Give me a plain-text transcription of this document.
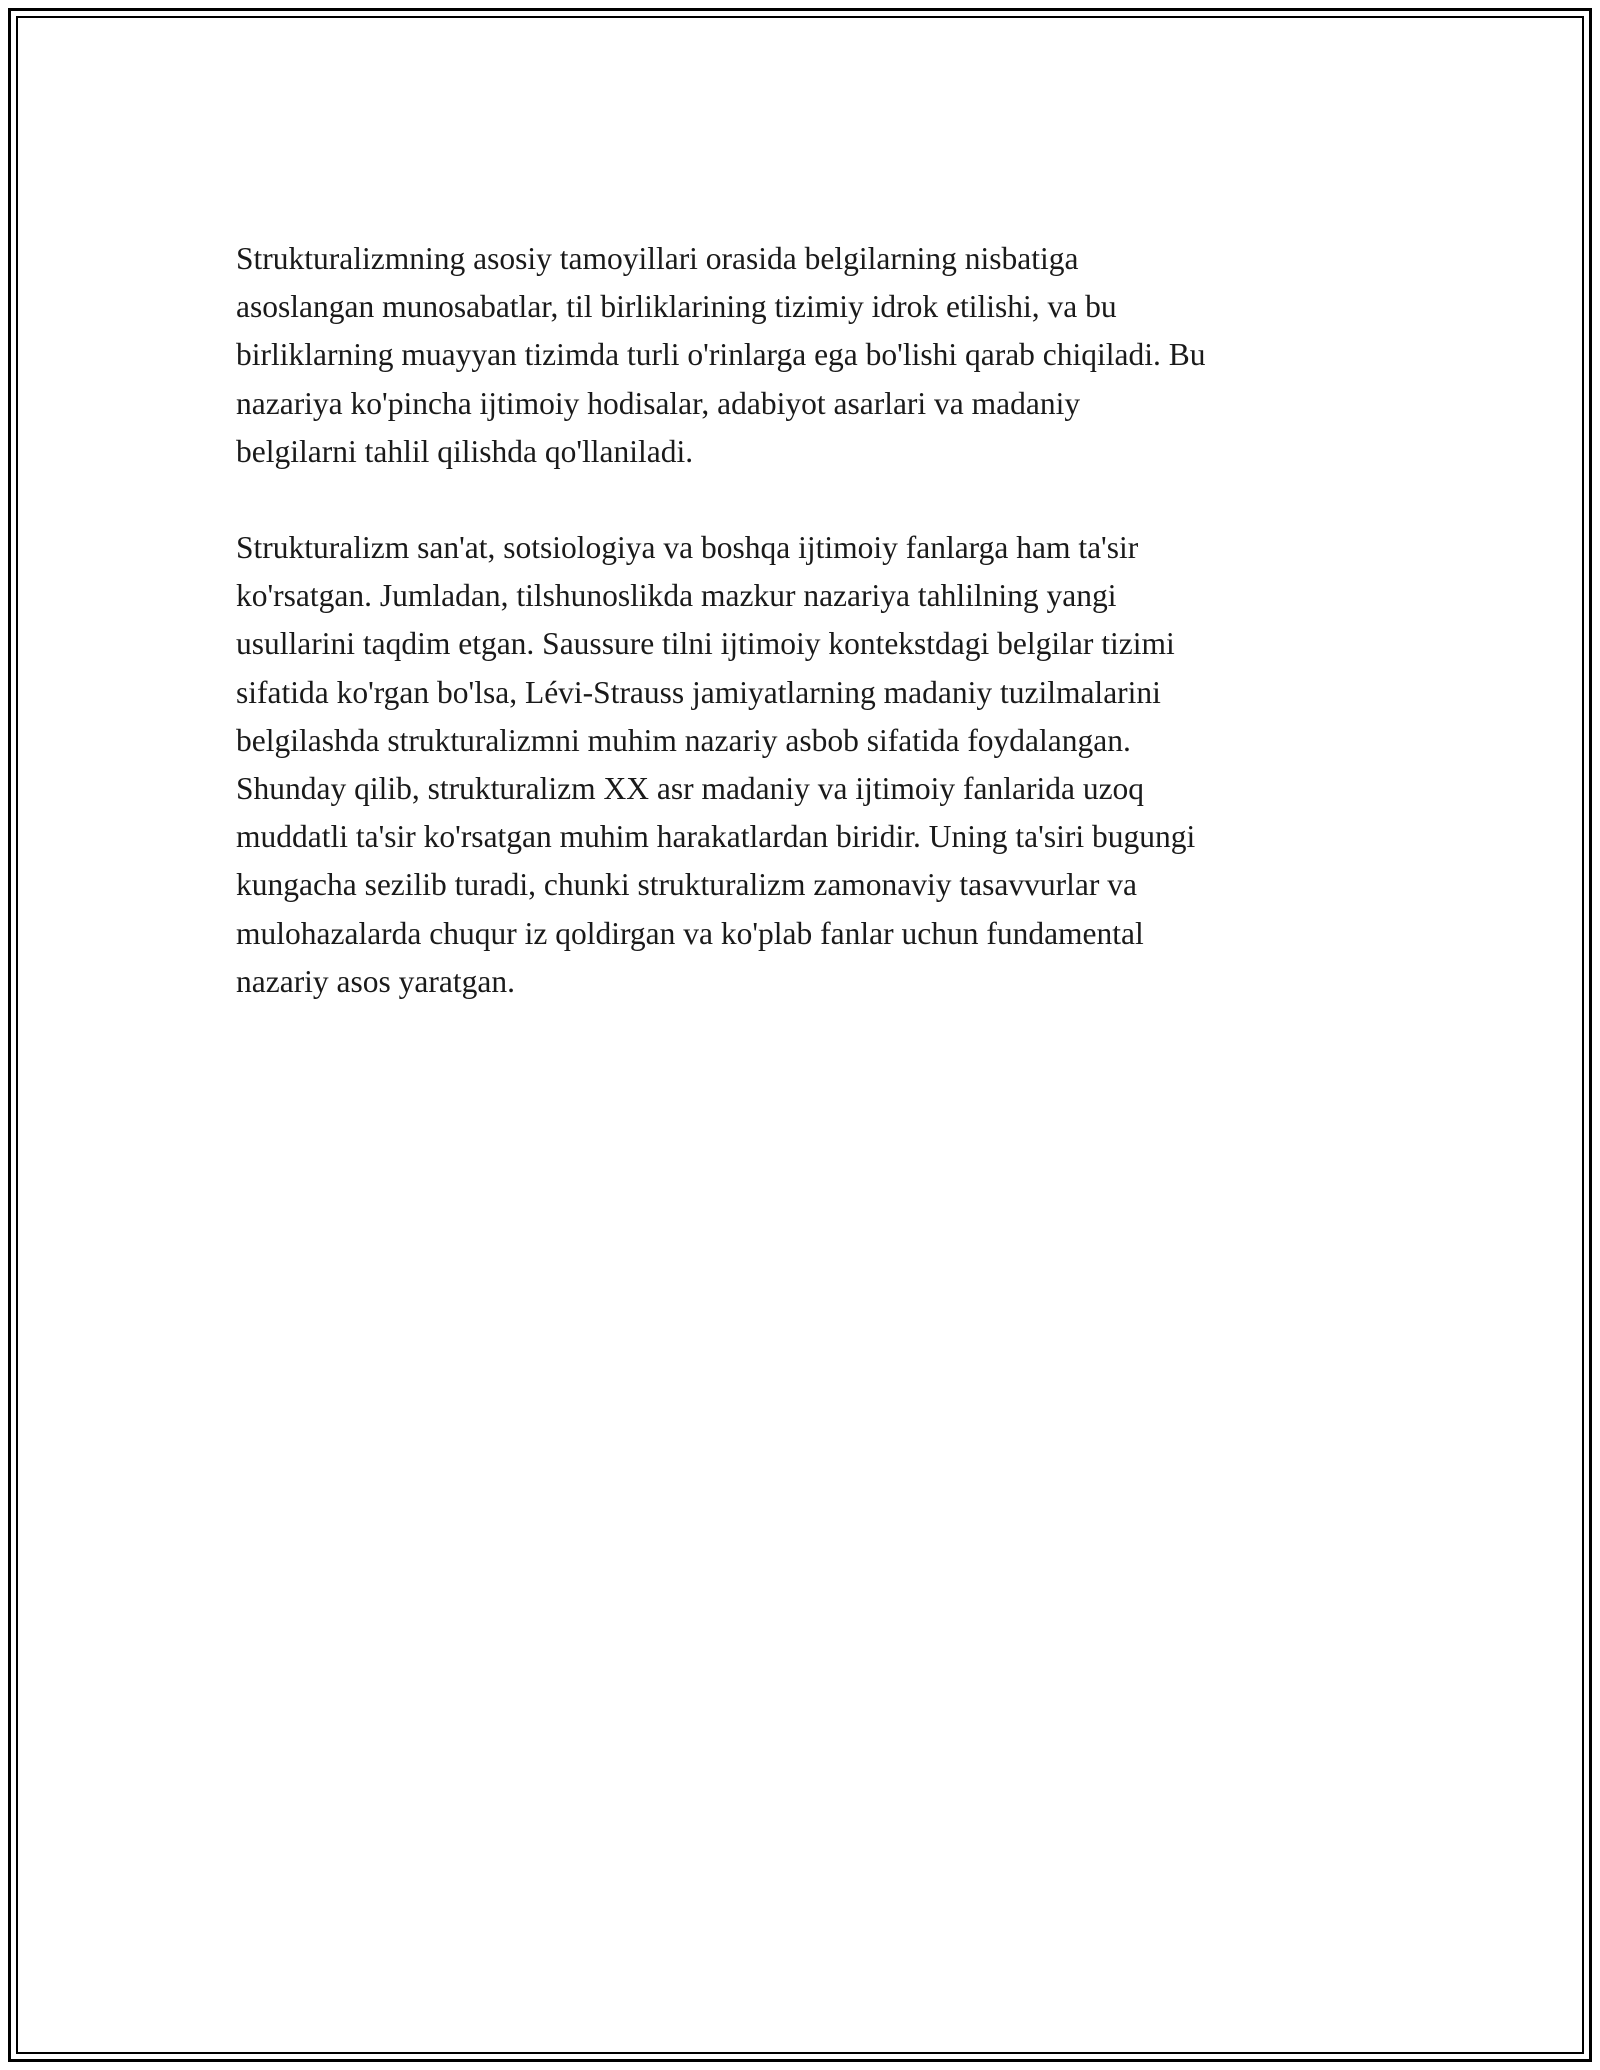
Strukturalizmning asosiy tamoyillari orasida belgilarning nisbatiga
asoslangan munosabatlar, til birliklarining tizimiy idrok etilishi, va bu
birliklarning muayyan tizimda turli o'rinlarga ega bo'lishi qarab chiqiladi. Bu
nazariya ko'pincha ijtimoiy hodisalar, adabiyot asarlari va madaniy
belgilarni tahlil qilishda qo'llaniladi.

Strukturalizm san'at, sotsiologiya va boshqa ijtimoiy fanlarga ham ta'sir
ko'rsatgan. Jumladan, tilshunoslikda mazkur nazariya tahlilning yangi
usullarini taqdim etgan. Saussure tilni ijtimoiy kontekstdagi belgilar tizimi
sifatida ko'rgan bo'lsa, Lévi-Strauss jamiyatlarning madaniy tuzilmalarini
belgilashda strukturalizmni muhim nazariy asbob sifatida foydalangan.
Shunday qilib, strukturalizm XX asr madaniy va ijtimoiy fanlarida uzoq
muddatli ta'sir ko'rsatgan muhim harakatlardan biridir. Uning ta'siri bugungi
kungacha sezilib turadi, chunki strukturalizm zamonaviy tasavvurlar va
mulohazalarda chuqur iz qoldirgan va ko'plab fanlar uchun fundamental
nazariy asos yaratgan.
